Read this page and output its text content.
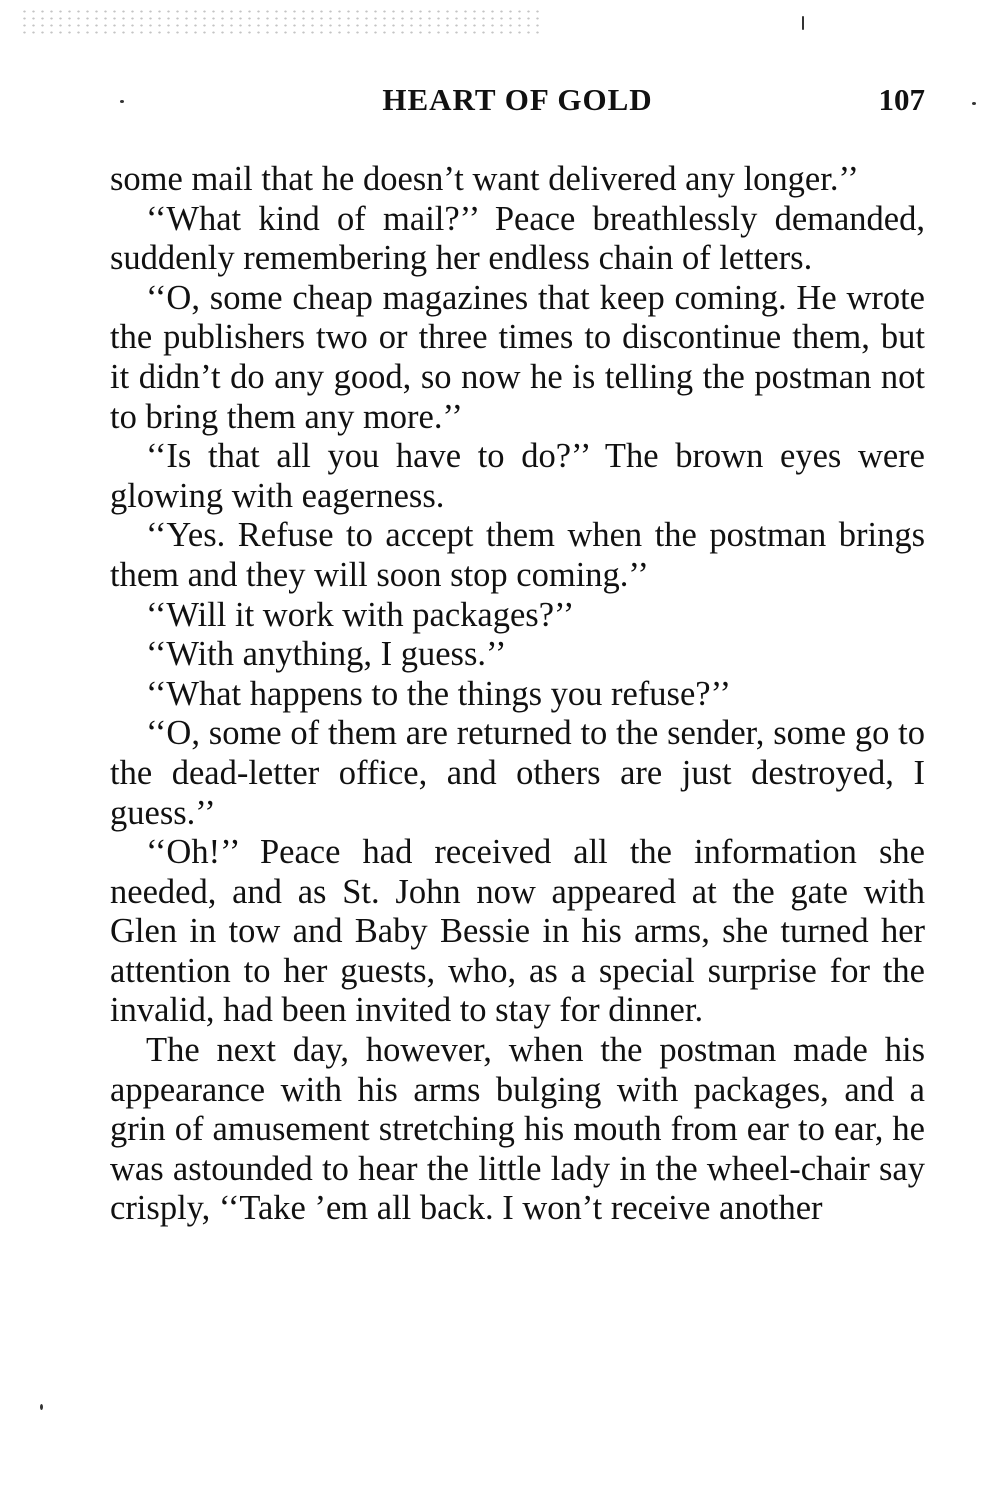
HEART OF GOLD	107

some mail that he doesn’t want delivered any longer.’’

‘‘What kind of mail?’’ Peace breathlessly demanded, suddenly remembering her endless chain of letters.

‘‘O, some cheap magazines that keep coming. He wrote the publishers two or three times to discontinue them, but it didn’t do any good, so now he is telling the postman not to bring them any more.’’

‘‘Is that all you have to do?’’ The brown eyes were glowing with eagerness.

‘‘Yes. Refuse to accept them when the postman brings them and they will soon stop coming.’’

‘‘Will it work with packages?’’

‘‘With anything, I guess.’’

‘‘What happens to the things you refuse?’’

‘‘O, some of them are returned to the sender, some go to the dead-letter office, and others are just destroyed, I guess.’’

‘‘Oh!’’ Peace had received all the information she needed, and as St. John now appeared at the gate with Glen in tow and Baby Bessie in his arms, she turned her attention to her guests, who, as a special surprise for the invalid, had been invited to stay for dinner.

The next day, however, when the postman made his appearance with his arms bulging with packages, and a grin of amusement stretching his mouth from ear to ear, he was astounded to hear the little lady in the wheel-chair say crisply, ‘‘Take ’em all back. I won’t receive another
